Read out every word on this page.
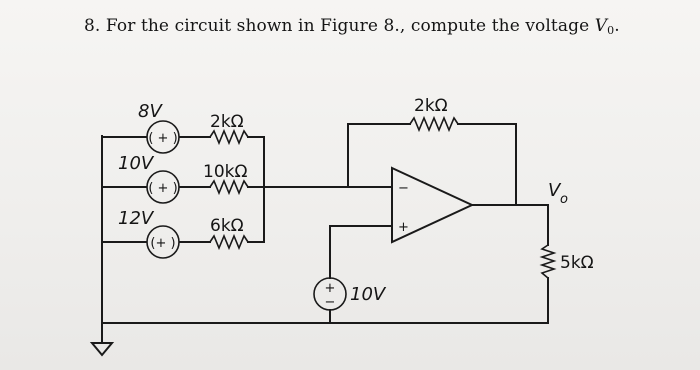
8. For the circuit shown in Figure 8., compute the voltage V0.
( + )
8V
( + )
10V
(+ )
12V
+
− 10V
2kΩ
10kΩ
6kΩ
2kΩ
5kΩ
−
+
V o
